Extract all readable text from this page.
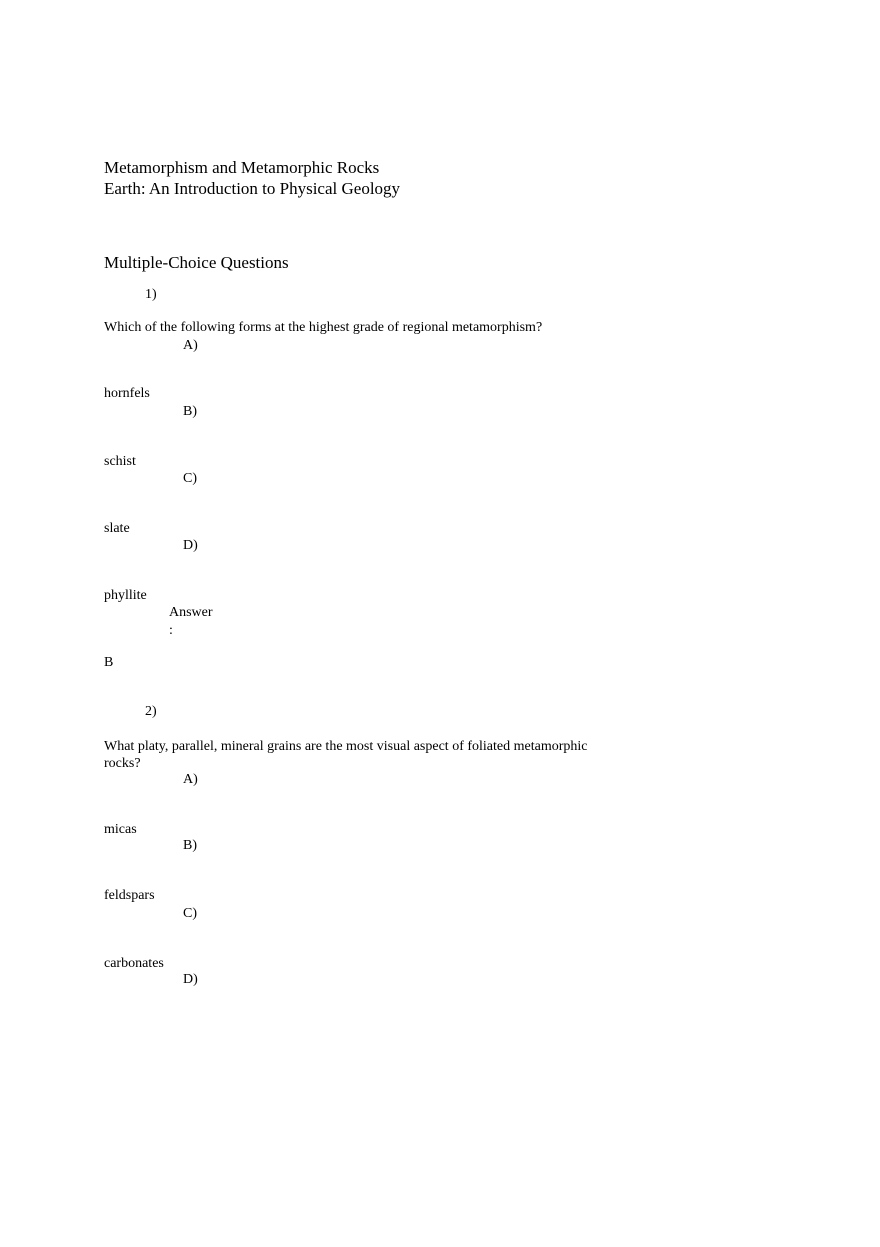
Metamorphism and Metamorphic Rocks
Earth: An Introduction to Physical Geology
Multiple-Choice Questions
1)
Which of the following forms at the highest grade of regional metamorphism?
A)
hornfels
B)
schist
C)
slate
D)
phyllite
Answer
:
B
2)
What platy, parallel, mineral grains are the most visual aspect of foliated metamorphic rocks?
A)
micas
B)
feldspars
C)
carbonates
D)
